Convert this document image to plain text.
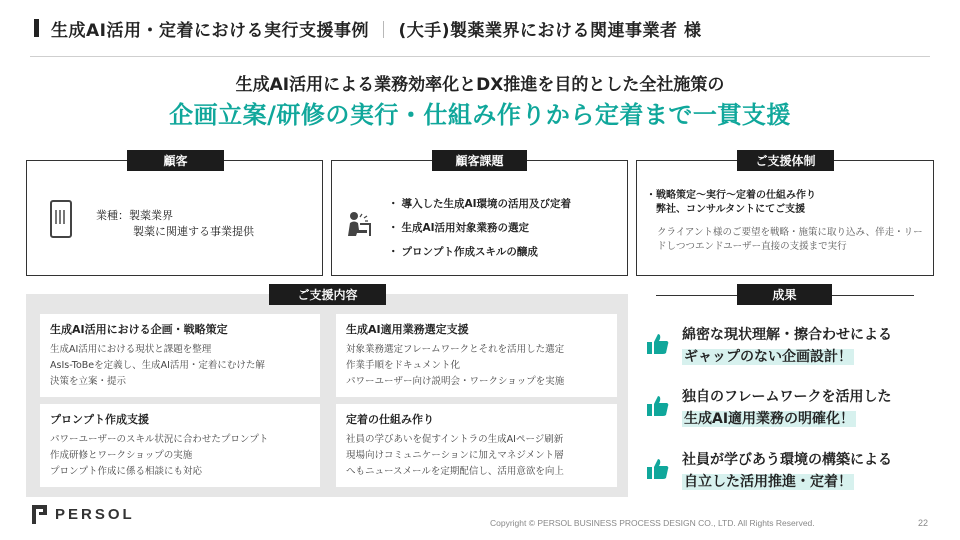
生成AI活用・定着における実行支援事例 ｜ (大手)製薬業界における関連事業者 様
生成AI活用による業務効率化とDX推進を目的とした全社施策の
企画立案/研修の実行・仕組み作りから定着まで一貫支援
顧客
業種：製薬業界
製薬に関連する事業提供
顧客課題
・ 導入した生成AI環境の活用及び定着
・ 生成AI活用対象業務の選定
・ プロンプト作成スキルの醸成
ご支援体制
・ 戦略策定～実行～定着の仕組み作り
弊社、コンサルタントにてご支援
クライアント様のご要望を戦略・施策に取り込み、伴走・リードしつつエンドユーザー直接の支援まで実行
ご支援内容
生成AI活用における企画・戦略策定
生成AI活用における現状と課題を整理
AsIs-ToBeを定義し、生成AI活用・定着にむけた解
決策を立案・提示
生成AI適用業務選定支援
対象業務選定フレームワークとそれを活用した選定
作業手順をドキュメント化
パワーユーザー向け説明会・ワークショップを実施
プロンプト作成支援
パワーユーザーのスキル状況に合わせたプロンプト
作成研修とワークショップの実施
プロンプト作成に係る相談にも対応
定着の仕組み作り
社員の学びあいを促すイントラの生成AIページ刷新
現場向けコミュニケーションに加えマネジメント層
へもニュースメールを定期配信し、活用意欲を向上
成果
綿密な現状理解・擦合わせによる
ギャップのない企画設計！
独自のフレームワークを活用した
生成AI適用業務の明確化！
社員が学びあう環境の構築による
自立した活用推進・定着！
PERSOL	Copyright © PERSOL BUSINESS PROCESS DESIGN CO., LTD. All Rights Reserved.	22
